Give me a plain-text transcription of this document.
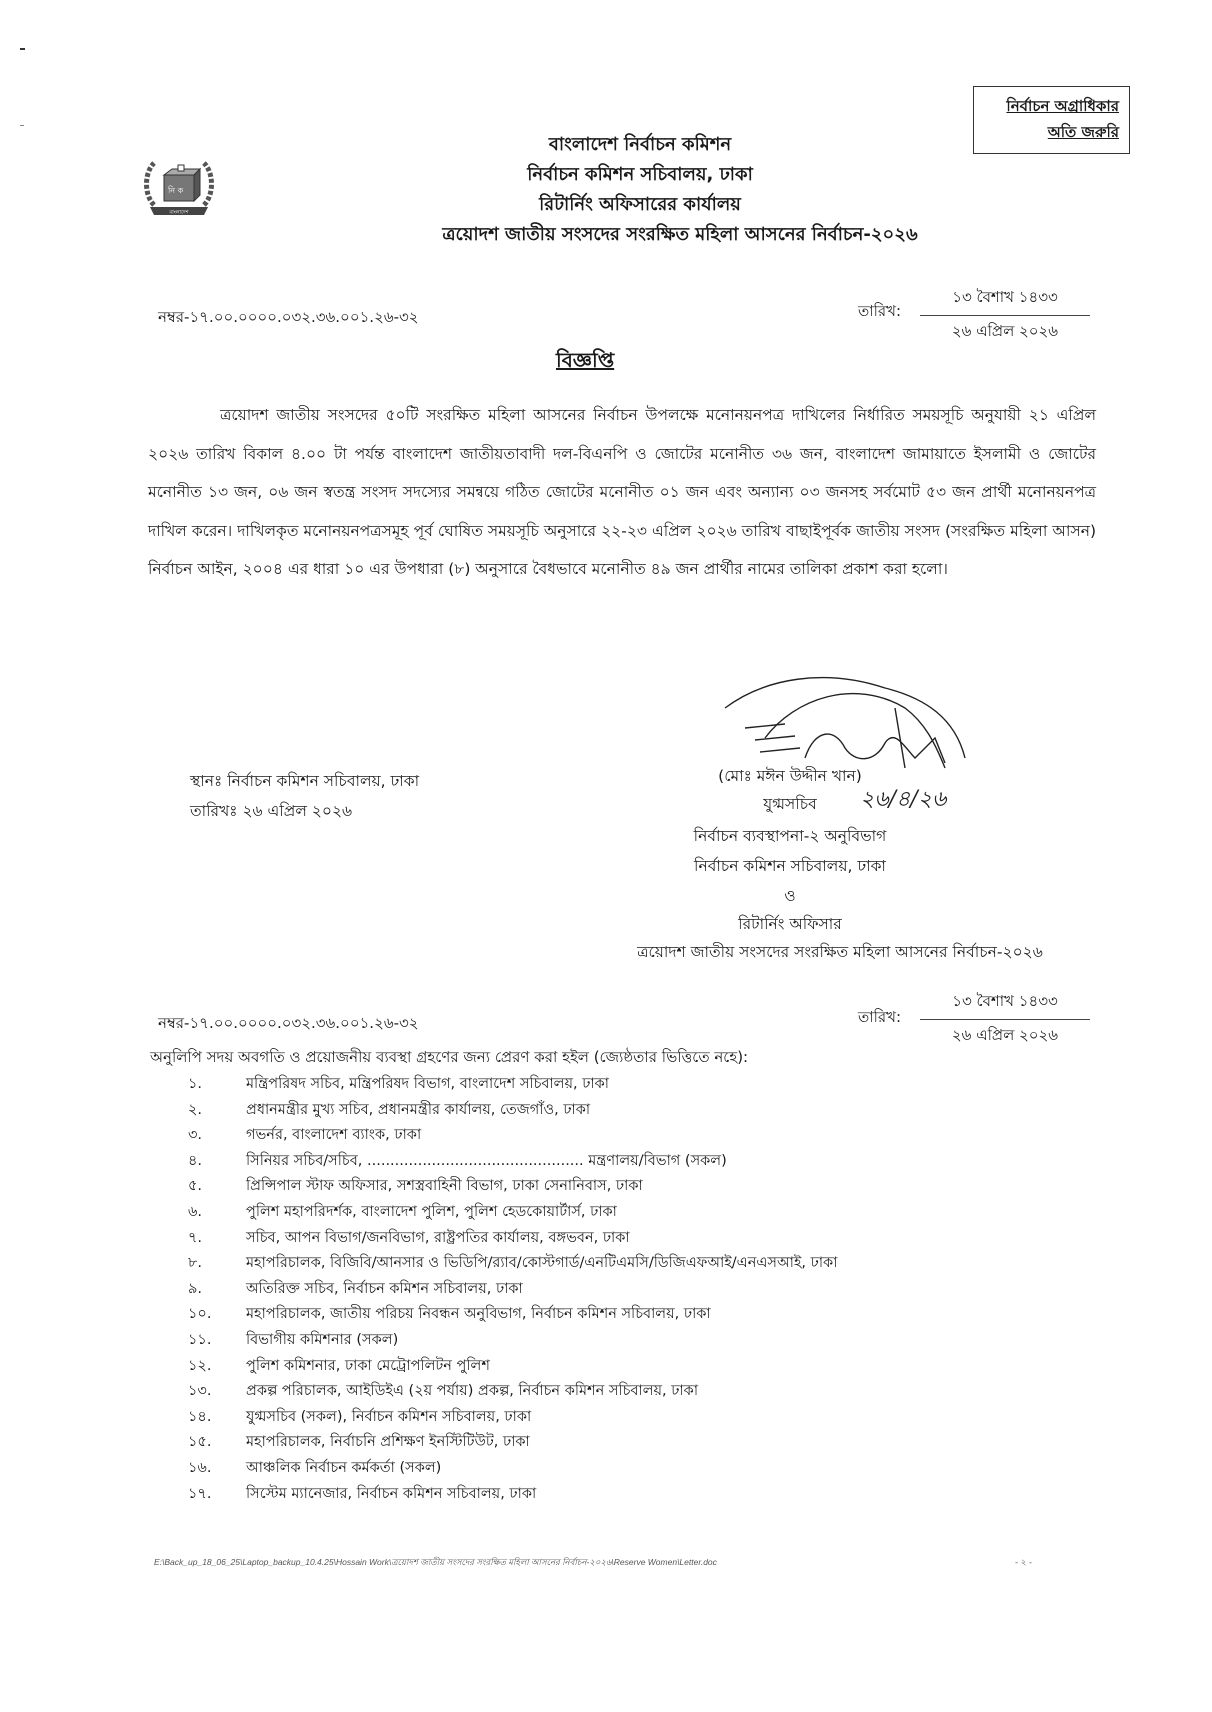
নির্বাচন অগ্রাধিকার
অতি জরুরি
নি ক
বাংলাদেশ
বাংলাদেশ নির্বাচন কমিশন
নির্বাচন কমিশন সচিবালয়, ঢাকা
রিটার্নিং অফিসারের কার্যালয়
ত্রয়োদশ জাতীয় সংসদের সংরক্ষিত মহিলা আসনের নির্বাচন-২০২৬
নম্বর-১৭.০০.০০০০.০৩২.৩৬.০০১.২৬-৩২	তারিখ:
১৩ বৈশাখ ১৪৩৩
২৬ এপ্রিল ২০২৬
বিজ্ঞপ্তি

ত্রয়োদশ জাতীয় সংসদের ৫০টি সংরক্ষিত মহিলা আসনের নির্বাচন উপলক্ষে মনোনয়নপত্র দাখিলের নির্ধারিত সময়সূচি অনুযায়ী ২১ এপ্রিল ২০২৬ তারিখ বিকাল ৪.০০ টা পর্যন্ত বাংলাদেশ জাতীয়তাবাদী দল-বিএনপি ও জোটের মনোনীত ৩৬ জন, বাংলাদেশ জামায়াতে ইসলামী ও জোটের মনোনীত ১৩ জন, ০৬ জন স্বতন্ত্র সংসদ সদস্যের সমন্বয়ে গঠিত জোটের মনোনীত ০১ জন এবং অন্যান্য ০৩ জনসহ সর্বমোট ৫৩ জন প্রার্থী মনোনয়নপত্র দাখিল করেন। দাখিলকৃত মনোনয়নপত্রসমূহ পূর্ব ঘোষিত সময়সূচি অনুসারে ২২-২৩ এপ্রিল ২০২৬ তারিখ বাছাইপূর্বক জাতীয় সংসদ (সংরক্ষিত মহিলা আসন) নির্বাচন আইন, ২০০৪ এর ধারা ১০ এর উপধারা (৮) অনুসারে বৈধভাবে মনোনীত ৪৯ জন প্রার্থীর নামের তালিকা প্রকাশ করা হলো।

স্থানঃ নির্বাচন কমিশন সচিবালয়, ঢাকা
তারিখঃ ২৬ এপ্রিল ২০২৬
(মোঃ মঈন উদ্দীন খান)
যুগ্মসচিব	২৬/৪/২৬
নির্বাচন ব্যবস্থাপনা-২ অনুবিভাগ
নির্বাচন কমিশন সচিবালয়, ঢাকা
ও
রিটার্নিং অফিসার
ত্রয়োদশ জাতীয় সংসদের সংরক্ষিত মহিলা আসনের নির্বাচন-২০২৬
নম্বর-১৭.০০.০০০০.০৩২.৩৬.০০১.২৬-৩২	তারিখ:
১৩ বৈশাখ ১৪৩৩
২৬ এপ্রিল ২০২৬
অনুলিপি সদয় অবগতি ও প্রয়োজনীয় ব্যবস্থা গ্রহণের জন্য প্রেরণ করা হইল (জ্যেষ্ঠতার ভিত্তিতে নহে):
১.	মন্ত্রিপরিষদ সচিব, মন্ত্রিপরিষদ বিভাগ, বাংলাদেশ সচিবালয়, ঢাকা
২.	প্রধানমন্ত্রীর মুখ্য সচিব, প্রধানমন্ত্রীর কার্যালয়, তেজগাঁও, ঢাকা
৩.	গভর্নর, বাংলাদেশ ব্যাংক, ঢাকা
৪.	সিনিয়র সচিব/সচিব, ............................................... মন্ত্রণালয়/বিভাগ (সকল)
৫.	প্রিন্সিপাল স্টাফ অফিসার, সশস্ত্রবাহিনী বিভাগ, ঢাকা সেনানিবাস, ঢাকা
৬.	পুলিশ মহাপরিদর্শক, বাংলাদেশ পুলিশ, পুলিশ হেডকোয়ার্টার্স, ঢাকা
৭.	সচিব, আপন বিভাগ/জনবিভাগ, রাষ্ট্রপতির কার্যালয়, বঙ্গভবন, ঢাকা
৮.	মহাপরিচালক, বিজিবি/আনসার ও ভিডিপি/র‍্যাব/কোস্টগার্ড/এনটিএমসি/ডিজিএফআই/এনএসআই, ঢাকা
৯.	অতিরিক্ত সচিব, নির্বাচন কমিশন সচিবালয়, ঢাকা
১০. মহাপরিচালক, জাতীয় পরিচয় নিবন্ধন অনুবিভাগ, নির্বাচন কমিশন সচিবালয়, ঢাকা
১১. বিভাগীয় কমিশনার (সকল)
১২. পুলিশ কমিশনার, ঢাকা মেট্রোপলিটন পুলিশ
১৩. প্রকল্প পরিচালক, আইডিইএ (২য় পর্যায়) প্রকল্প, নির্বাচন কমিশন সচিবালয়, ঢাকা
১৪. যুগ্মসচিব (সকল), নির্বাচন কমিশন সচিবালয়, ঢাকা
১৫. মহাপরিচালক, নির্বাচনি প্রশিক্ষণ ইনস্টিটিউট, ঢাকা
১৬. আঞ্চলিক নির্বাচন কর্মকর্তা (সকল)
১৭. সিস্টেম ম্যানেজার, নির্বাচন কমিশন সচিবালয়, ঢাকা
E:\Back_up_18_06_25\Laptop_backup_10.4.25\Hossain Work\ত্রয়োদশ জাতীয় সংসদের সংরক্ষিত মহিলা আসনের নির্বাচন-২০২৬\Reserve Women\Letter.doc	- ২ -
